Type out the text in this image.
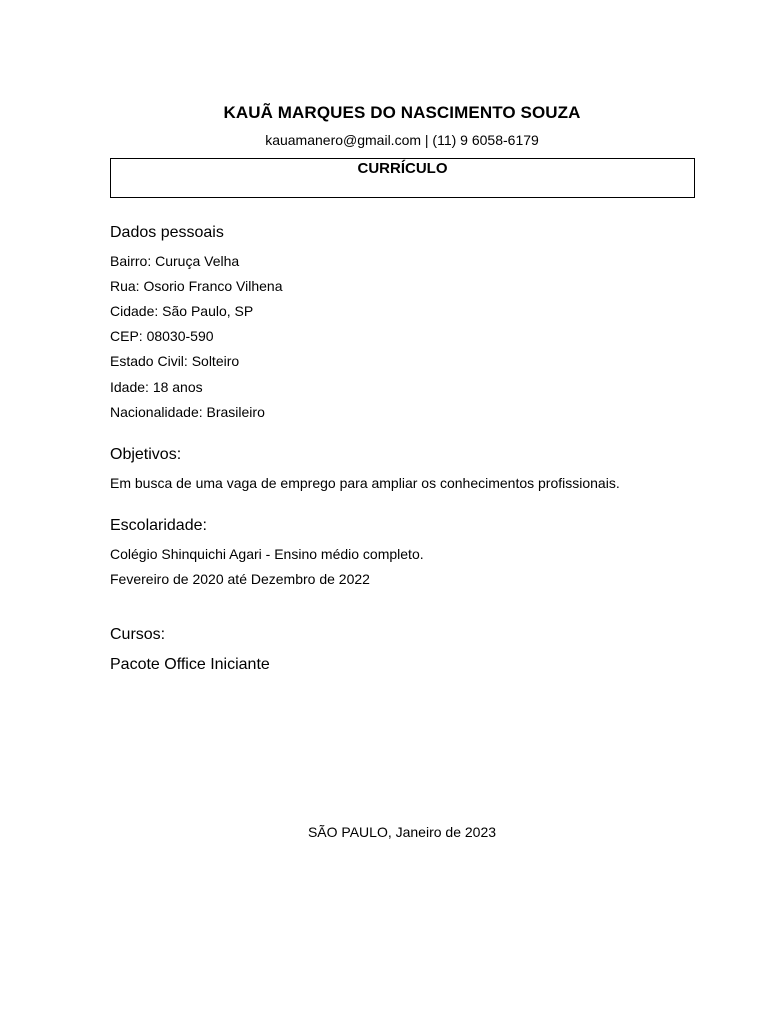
KAUÃ MARQUES DO NASCIMENTO SOUZA
kauamanero@gmail.com | (11) 9 6058-6179
CURRÍCULO
Dados pessoais
Bairro: Curuça Velha
Rua: Osorio Franco Vilhena
Cidade: São Paulo, SP
CEP: 08030-590
Estado Civil: Solteiro
Idade: 18 anos
Nacionalidade: Brasileiro
Objetivos:
Em busca de uma vaga de emprego para ampliar os conhecimentos profissionais.
Escolaridade:
Colégio Shinquichi Agari - Ensino médio completo.
Fevereiro de 2020 até Dezembro de 2022
Cursos:
Pacote Office Iniciante
SÃO PAULO, Janeiro de 2023
